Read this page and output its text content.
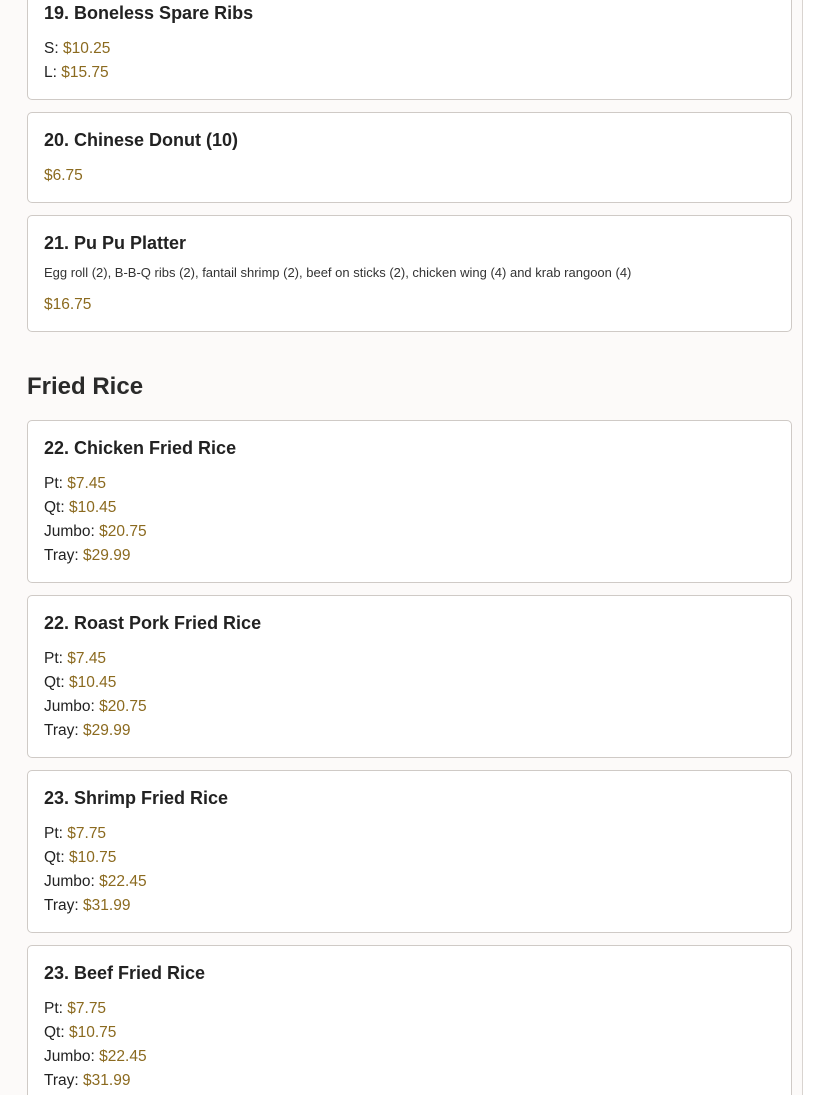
19. Boneless Spare Ribs
S: $10.25
L: $15.75
20. Chinese Donut (10)
$6.75
21. Pu Pu Platter
Egg roll (2), B-B-Q ribs (2), fantail shrimp (2), beef on sticks (2), chicken wing (4) and krab rangoon (4)
$16.75
Fried Rice
22. Chicken Fried Rice
Pt: $7.45
Qt: $10.45
Jumbo: $20.75
Tray: $29.99
22. Roast Pork Fried Rice
Pt: $7.45
Qt: $10.45
Jumbo: $20.75
Tray: $29.99
23. Shrimp Fried Rice
Pt: $7.75
Qt: $10.75
Jumbo: $22.45
Tray: $31.99
23. Beef Fried Rice
Pt: $7.75
Qt: $10.75
Jumbo: $22.45
Tray: $31.99
